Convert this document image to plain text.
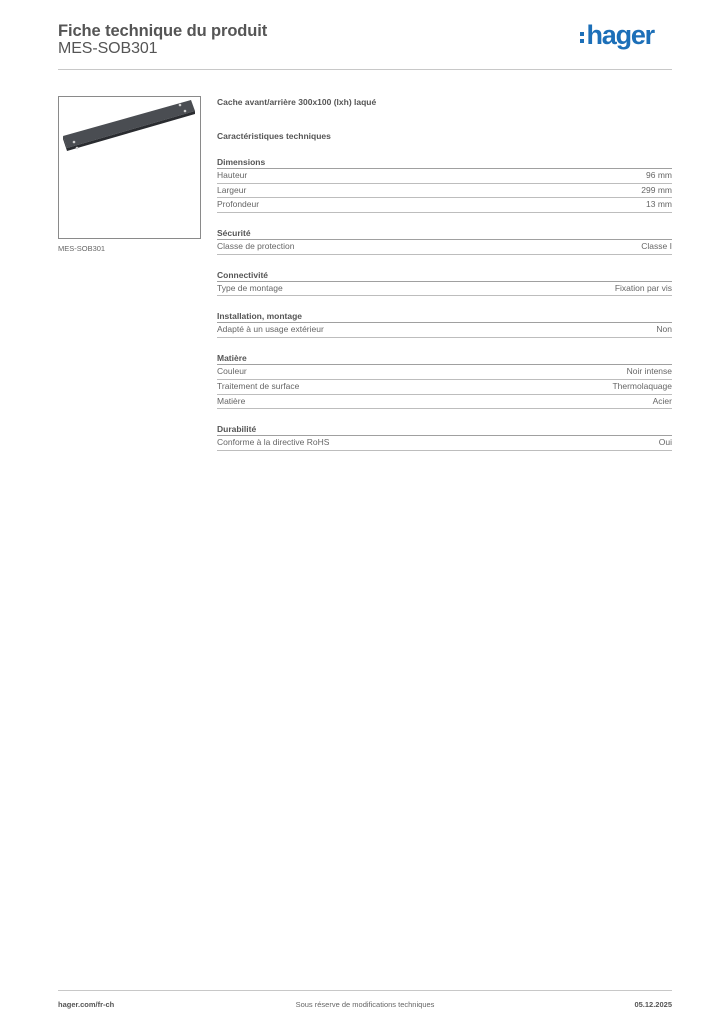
Fiche technique du produit
MES-SOB301	hager
MES-SOB301
Cache avant/arrière 300x100 (lxh) laqué
Caractéristiques techniques
Dimensions
Hauteur	96 mm
Largeur	299 mm
Profondeur	13 mm
Sécurité
Classe de protection	Classe I
Connectivité
Type de montage	Fixation par vis
Installation, montage
Adapté à un usage extérieur	Non
Matière
Couleur	Noir intense
Traitement de surface	Thermolaquage
Matière	Acier
Durabilité
Conforme à la directive RoHS	Oui
hager.com/fr-ch	Sous réserve de modifications techniques	05.12.2025
